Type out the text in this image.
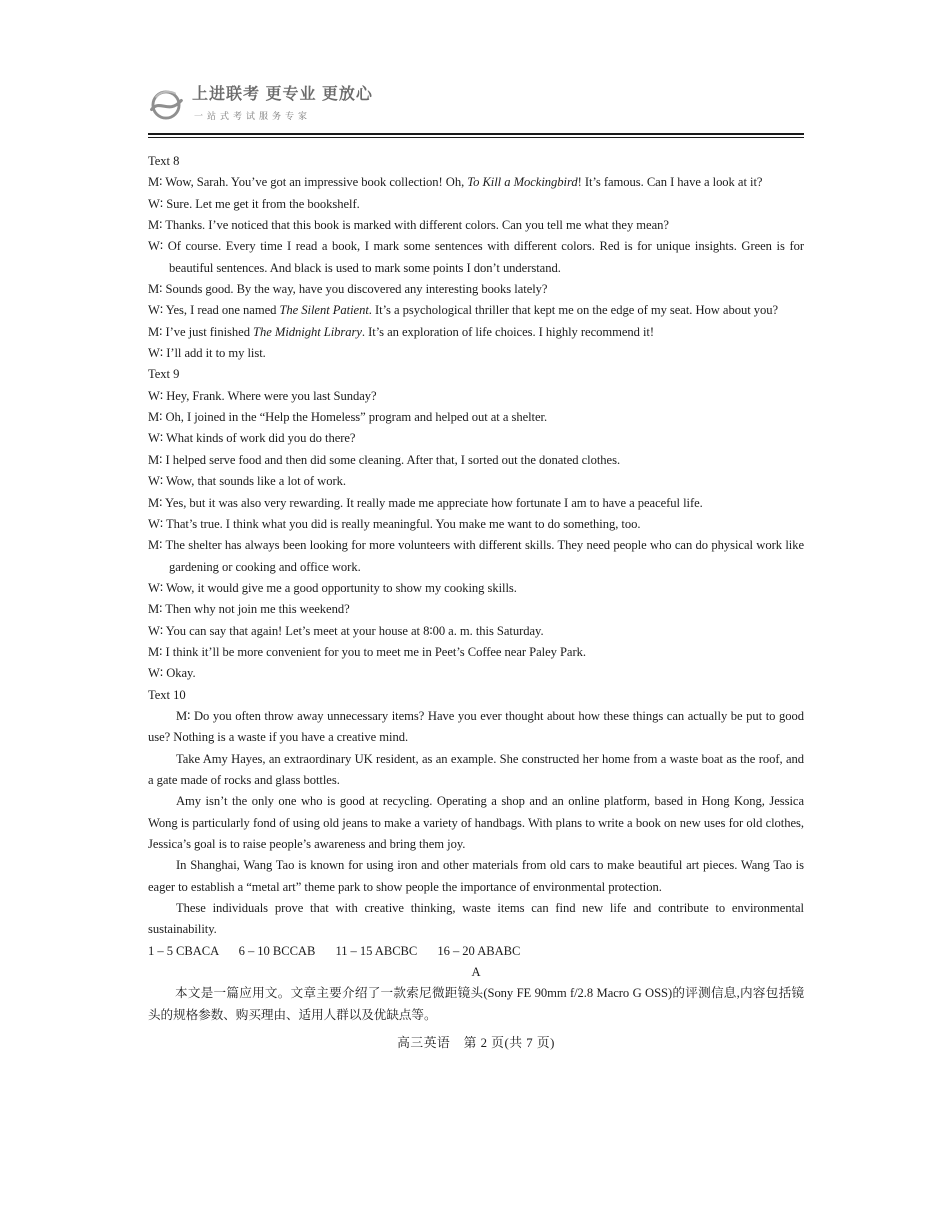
上进联考 更专业 更放心
一站式考试服务专家
Text 8
M∶ Wow, Sarah. You’ve got an impressive book collection! Oh, To Kill a Mockingbird! It’s famous. Can I have a look at it?
W∶ Sure. Let me get it from the bookshelf.
M∶ Thanks. I’ve noticed that this book is marked with different colors. Can you tell me what they mean?
W∶ Of course. Every time I read a book, I mark some sentences with different colors. Red is for unique insights. Green is for beautiful sentences. And black is used to mark some points I don’t understand.
M∶ Sounds good. By the way, have you discovered any interesting books lately?
W∶ Yes, I read one named The Silent Patient. It’s a psychological thriller that kept me on the edge of my seat. How about you?
M∶ I’ve just finished The Midnight Library. It’s an exploration of life choices. I highly recommend it!
W∶ I’ll add it to my list.
Text 9
W∶ Hey, Frank. Where were you last Sunday?
M∶ Oh, I joined in the “Help the Homeless” program and helped out at a shelter.
W∶ What kinds of work did you do there?
M∶ I helped serve food and then did some cleaning. After that, I sorted out the donated clothes.
W∶ Wow, that sounds like a lot of work.
M∶ Yes, but it was also very rewarding. It really made me appreciate how fortunate I am to have a peaceful life.
W∶ That’s true. I think what you did is really meaningful. You make me want to do something, too.
M∶ The shelter has always been looking for more volunteers with different skills. They need people who can do physical work like gardening or cooking and office work.
W∶ Wow, it would give me a good opportunity to show my cooking skills.
M∶ Then why not join me this weekend?
W∶ You can say that again! Let’s meet at your house at 8∶00 a. m. this Saturday.
M∶ I think it’ll be more convenient for you to meet me in Peet’s Coffee near Paley Park.
W∶ Okay.
Text 10
M∶ Do you often throw away unnecessary items? Have you ever thought about how these things can actually be put to good use? Nothing is a waste if you have a creative mind.
Take Amy Hayes, an extraordinary UK resident, as an example. She constructed her home from a waste boat as the roof, and a gate made of rocks and glass bottles.
Amy isn’t the only one who is good at recycling. Operating a shop and an online platform, based in Hong Kong, Jessica Wong is particularly fond of using old jeans to make a variety of handbags. With plans to write a book on new uses for old clothes, Jessica’s goal is to raise people’s awareness and bring them joy.
In Shanghai, Wang Tao is known for using iron and other materials from old cars to make beautiful art pieces. Wang Tao is eager to establish a “metal art” theme park to show people the importance of environmental protection.
These individuals prove that with creative thinking, waste items can find new life and contribute to environmental sustainability.
1 – 5 CBACA 6 – 10 BCCAB 11 – 15 ABCBC 16 – 20 ABABC
A
本文是一篇应用文。文章主要介绍了一款索尼微距镜头(Sony FE 90mm f/2.8 Macro G OSS)的评测信息,内容包括镜头的规格参数、购买理由、适用人群以及优缺点等。
高三英语　第 2 页(共 7 页)
